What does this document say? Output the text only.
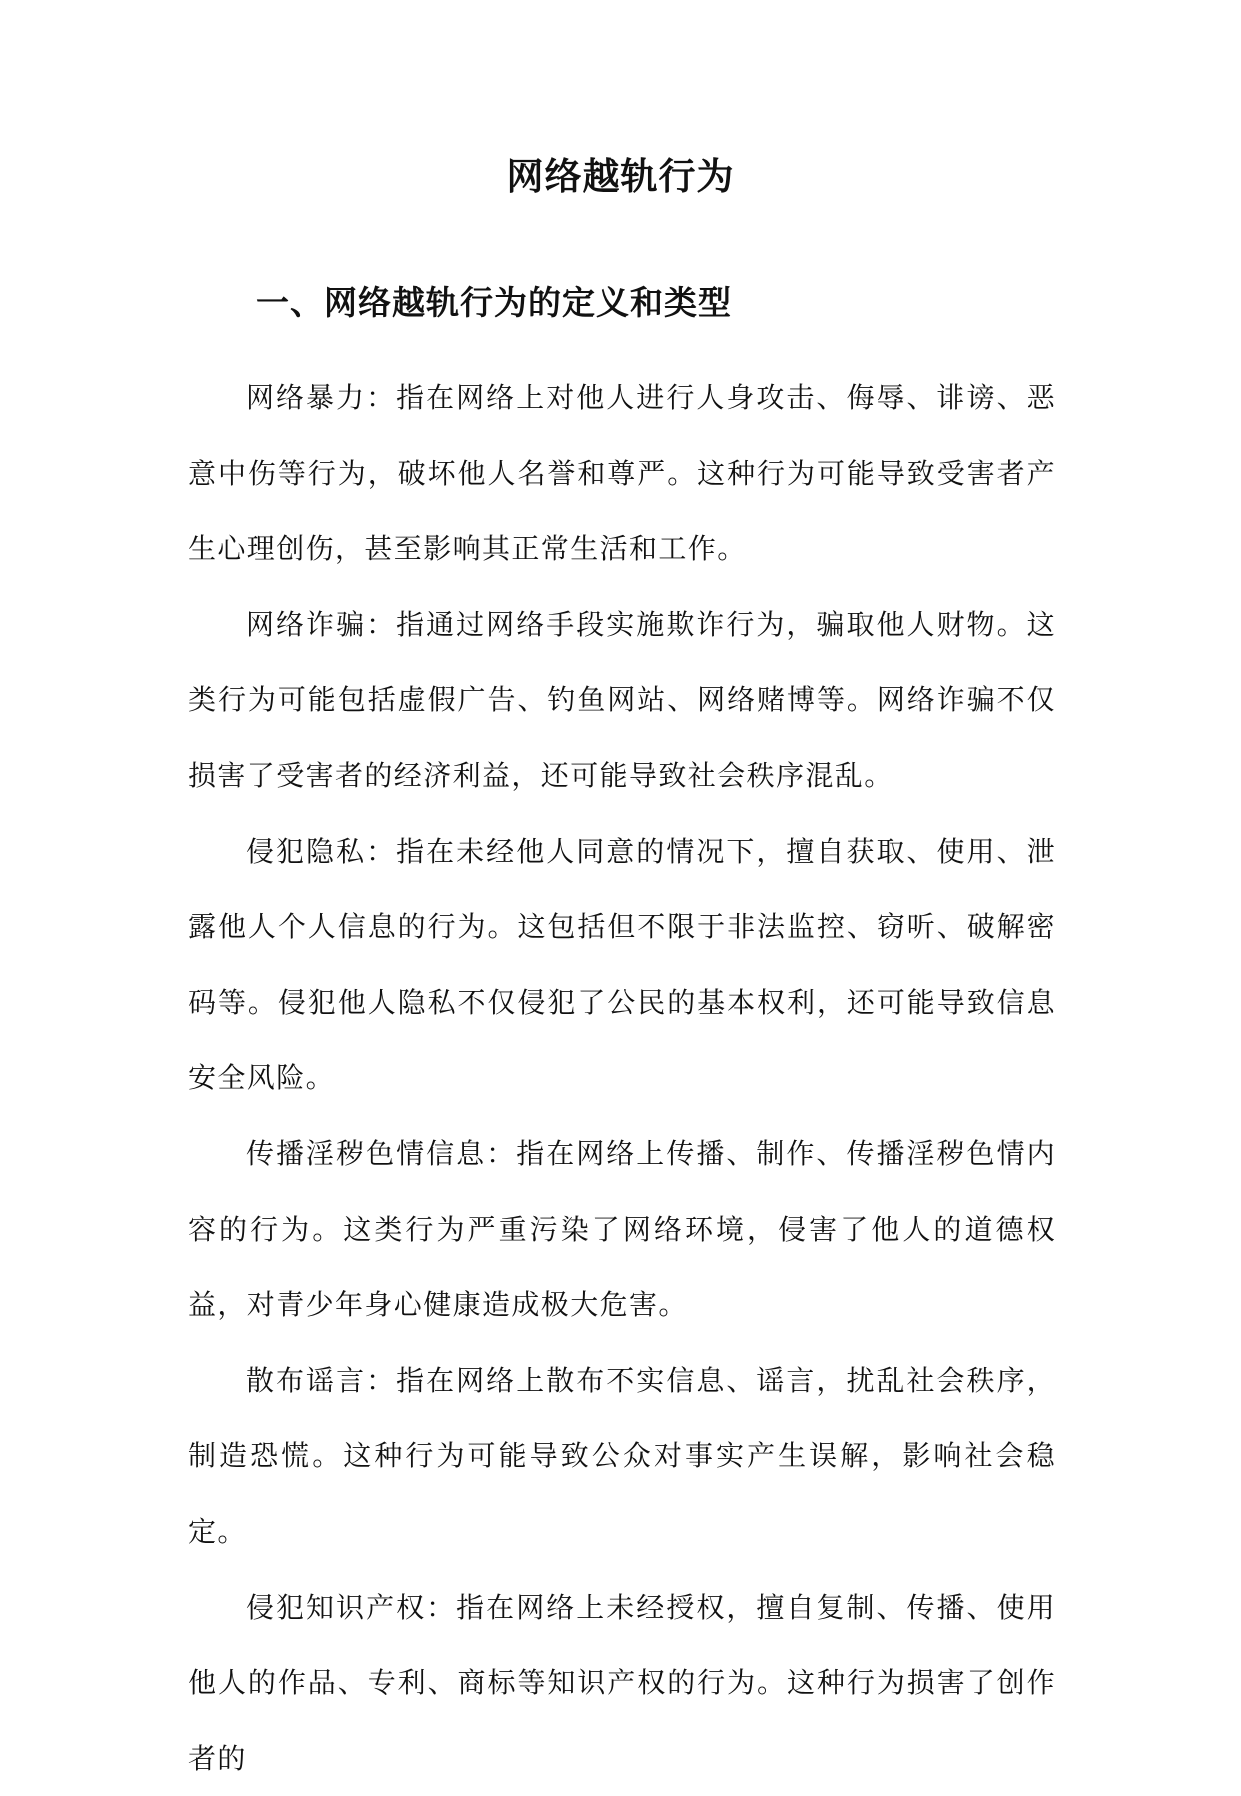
网络越轨行为
一、网络越轨行为的定义和类型

网络暴力：指在网络上对他人进行人身攻击、侮辱、诽谤、恶意中伤等行为，破坏他人名誉和尊严。这种行为可能导致受害者产生心理创伤，甚至影响其正常生活和工作。

网络诈骗：指通过网络手段实施欺诈行为，骗取他人财物。这类行为可能包括虚假广告、钓鱼网站、网络赌博等。网络诈骗不仅损害了受害者的经济利益，还可能导致社会秩序混乱。

侵犯隐私：指在未经他人同意的情况下，擅自获取、使用、泄露他人个人信息的行为。这包括但不限于非法监控、窃听、破解密码等。侵犯他人隐私不仅侵犯了公民的基本权利，还可能导致信息安全风险。

传播淫秽色情信息：指在网络上传播、制作、传播淫秽色情内容的行为。这类行为严重污染了网络环境，侵害了他人的道德权益，对青少年身心健康造成极大危害。

散布谣言：指在网络上散布不实信息、谣言，扰乱社会秩序，制造恐慌。这种行为可能导致公众对事实产生误解，影响社会稳定。

侵犯知识产权：指在网络上未经授权，擅自复制、传播、使用他人的作品、专利、商标等知识产权的行为。这种行为损害了创作者的
